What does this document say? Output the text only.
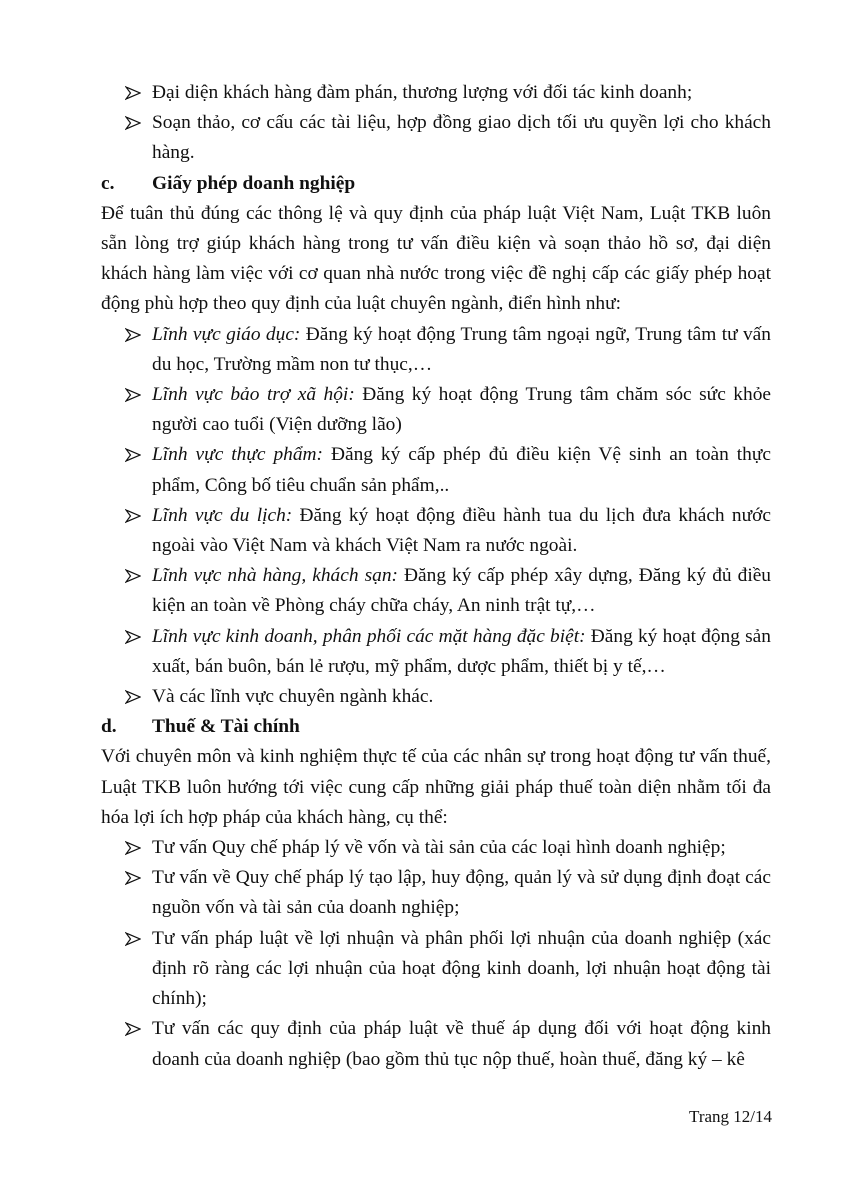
Đại diện khách hàng đàm phán, thương lượng với đối tác kinh doanh;
Soạn thảo, cơ cấu các tài liệu, hợp đồng giao dịch tối ưu quyền lợi cho khách hàng.
c.	Giấy phép doanh nghiệp

Để tuân thủ đúng các thông lệ và quy định của pháp luật Việt Nam, Luật TKB luôn sẵn lòng trợ giúp khách hàng trong tư vấn điều kiện và soạn thảo hồ sơ, đại diện khách hàng làm việc với cơ quan nhà nước trong việc đề nghị cấp các giấy phép hoạt động phù hợp theo quy định của luật chuyên ngành, điển hình như:

Lĩnh vực giáo dục: Đăng ký hoạt động Trung tâm ngoại ngữ, Trung tâm tư vấn du học, Trường mầm non tư thục,…
Lĩnh vực bảo trợ xã hội: Đăng ký hoạt động Trung tâm chăm sóc sức khỏe người cao tuổi (Viện dưỡng lão)
Lĩnh vực thực phẩm: Đăng ký cấp phép đủ điều kiện Vệ sinh an toàn thực phẩm, Công bố tiêu chuẩn sản phẩm,..
Lĩnh vực du lịch: Đăng ký hoạt động điều hành tua du lịch đưa khách nước ngoài vào Việt Nam và khách Việt Nam ra nước ngoài.
Lĩnh vực nhà hàng, khách sạn: Đăng ký cấp phép xây dựng, Đăng ký đủ điều kiện an toàn về Phòng cháy chữa cháy, An ninh trật tự,…
Lĩnh vực kinh doanh, phân phối các mặt hàng đặc biệt: Đăng ký hoạt động sản xuất, bán buôn, bán lẻ rượu, mỹ phẩm, dược phẩm, thiết bị y tế,…
Và các lĩnh vực chuyên ngành khác.
d.	Thuế & Tài chính

Với chuyên môn và kinh nghiệm thực tế của các nhân sự trong hoạt động tư vấn thuế, Luật TKB luôn hướng tới việc cung cấp những giải pháp thuế toàn diện nhằm tối đa hóa lợi ích hợp pháp của khách hàng, cụ thể:

Tư vấn Quy chế pháp lý về vốn và tài sản của các loại hình doanh nghiệp;
Tư vấn về Quy chế pháp lý tạo lập, huy động, quản lý và sử dụng định đoạt các nguồn vốn và tài sản của doanh nghiệp;
Tư vấn pháp luật về lợi nhuận và phân phối lợi nhuận của doanh nghiệp (xác định rõ ràng các lợi nhuận của hoạt động kinh doanh, lợi nhuận hoạt động tài chính);
Tư vấn các quy định của pháp luật về thuế áp dụng đối với hoạt động kinh doanh của doanh nghiệp (bao gồm thủ tục nộp thuế, hoàn thuế, đăng ký – kê
Trang 12/14
